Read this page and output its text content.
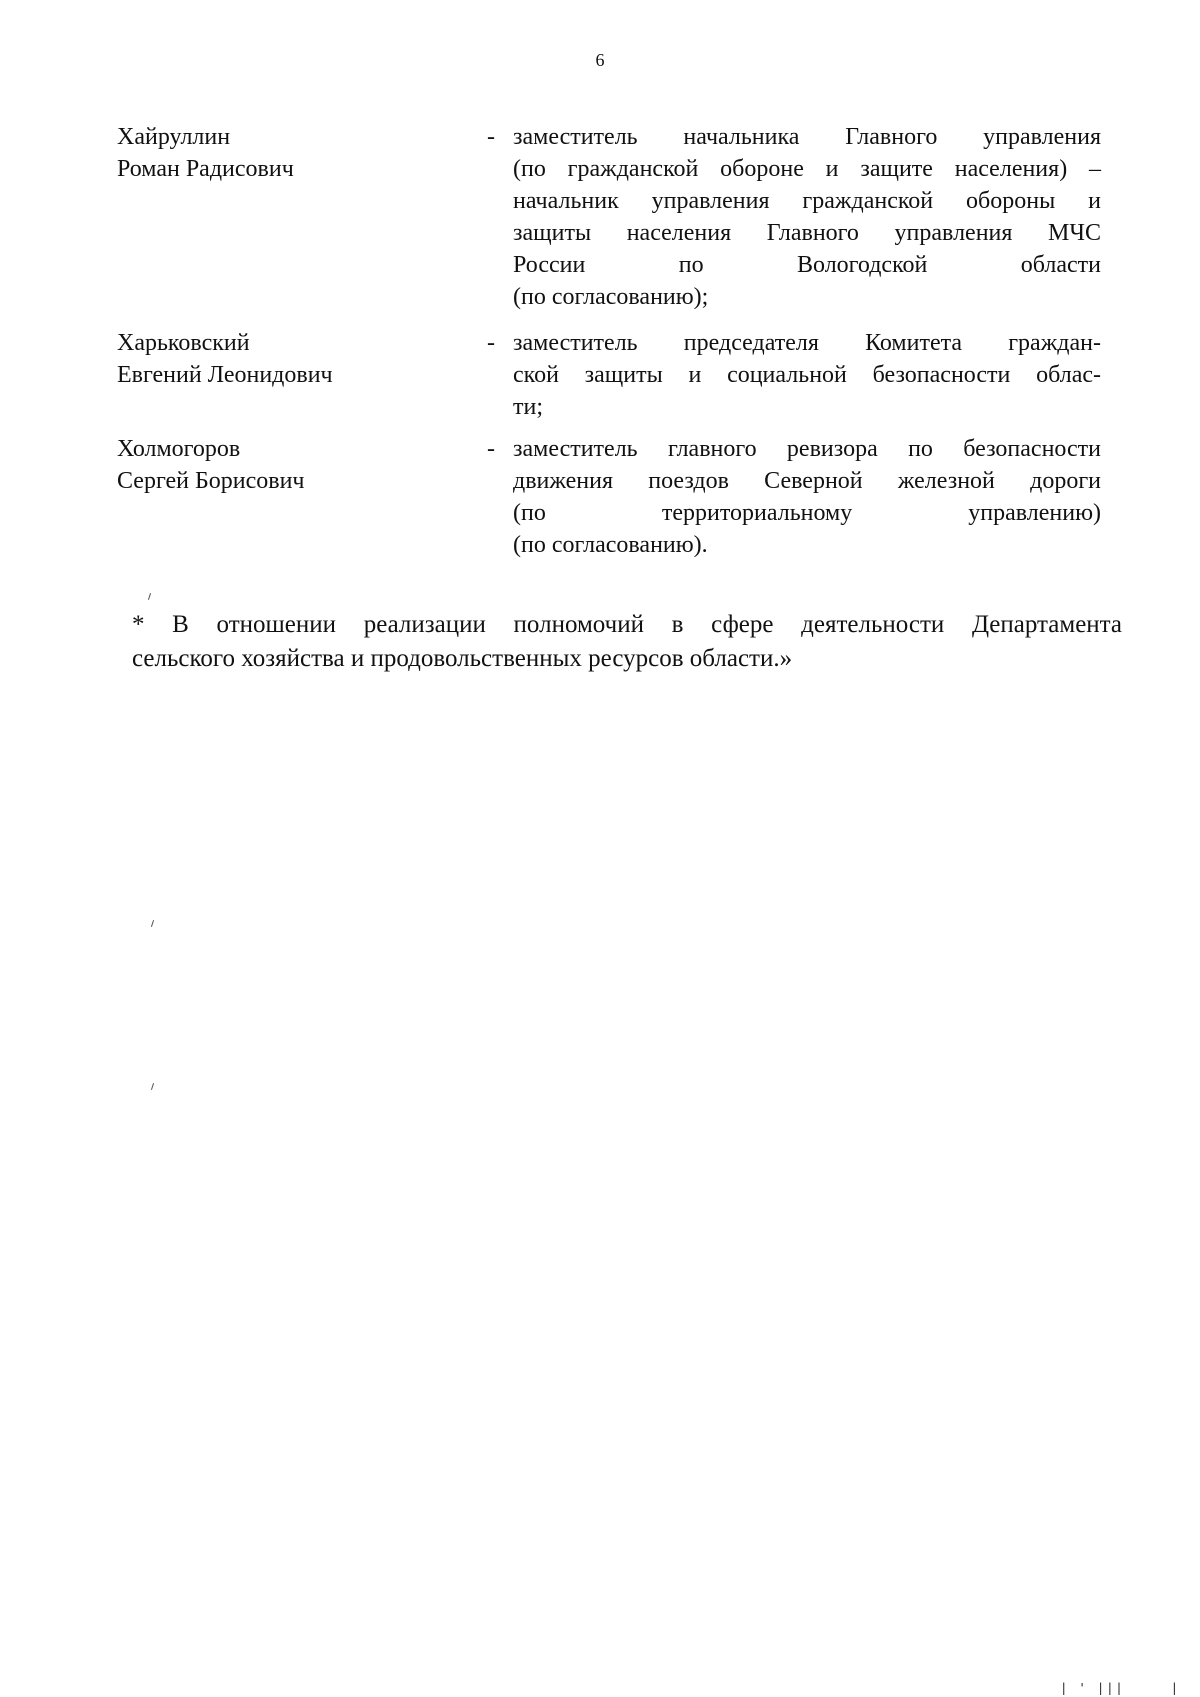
6
Хайруллин
Роман Радисович
- заместитель начальника Главного управления
(по гражданской обороне и защите населения) –
начальник управления гражданской обороны и
защиты населения Главного управления МЧС
России по Вологодской области
(по согласованию);
Харьковский
Евгений Леонидович
- заместитель председателя Комитета граждан-
ской защиты и социальной безопасности облас-
ти;
Холмогоров
Сергей Борисович
- заместитель главного ревизора по безопасности
движения поездов Северной железной дороги
(по территориальному управлению)
(по согласованию).
* В отношении реализации полномочий в сфере деятельности Департамента
сельского хозяйства и продовольственных ресурсов области.»
| ' |||     |
